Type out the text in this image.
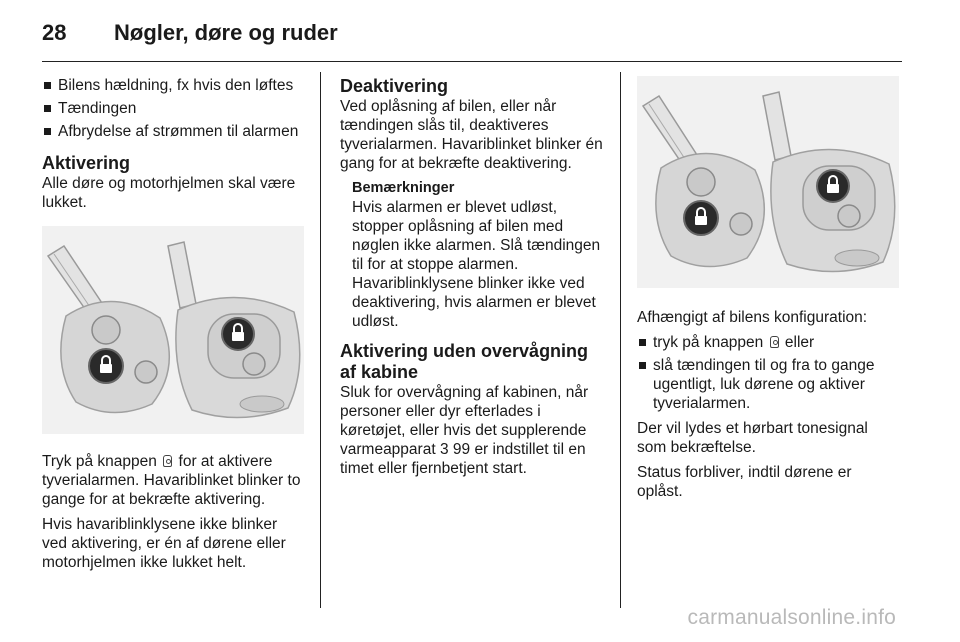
28 Nøgler, døre og ruder
Bilens hældning, fx hvis den løftes
Tændingen
Afbrydelse af strømmen til alarmen
Aktivering

Alle døre og motorhjelmen skal være lukket.

Tryk på knappen for at aktivere tyverialarmen. Havariblinket blinker to gange for at bekræfte aktivering.

Hvis havariblinklysene ikke blinker ved aktivering, er én af dørene eller motorhjelmen ikke lukket helt.

Deaktivering

Ved oplåsning af bilen, eller når tændingen slås til, deaktiveres tyverialarmen. Havariblinket blinker én gang for at bekræfte deaktivering.

Bemærkninger
Hvis alarmen er blevet udløst, stopper oplåsning af bilen med nøglen ikke alarmen. Slå tændingen til for at stoppe alarmen. Havariblinklysene blinker ikke ved deaktivering, hvis alarmen er blevet udløst.
Aktivering uden overvågning af kabine

Sluk for overvågning af kabinen, når personer eller dyr efterlades i køretøjet, eller hvis det supplerende varmeapparat 3 99 er indstillet til en timet eller fjernbetjent start.

Afhængigt af bilens konfiguration:

tryk på knappen eller
slå tændingen til og fra to gange ugentligt, luk dørene og aktiver tyverialarmen.

Der vil lydes et hørbart tonesignal som bekræftelse.

Status forbliver, indtil dørene er oplåst.

carmanualsonline.info
